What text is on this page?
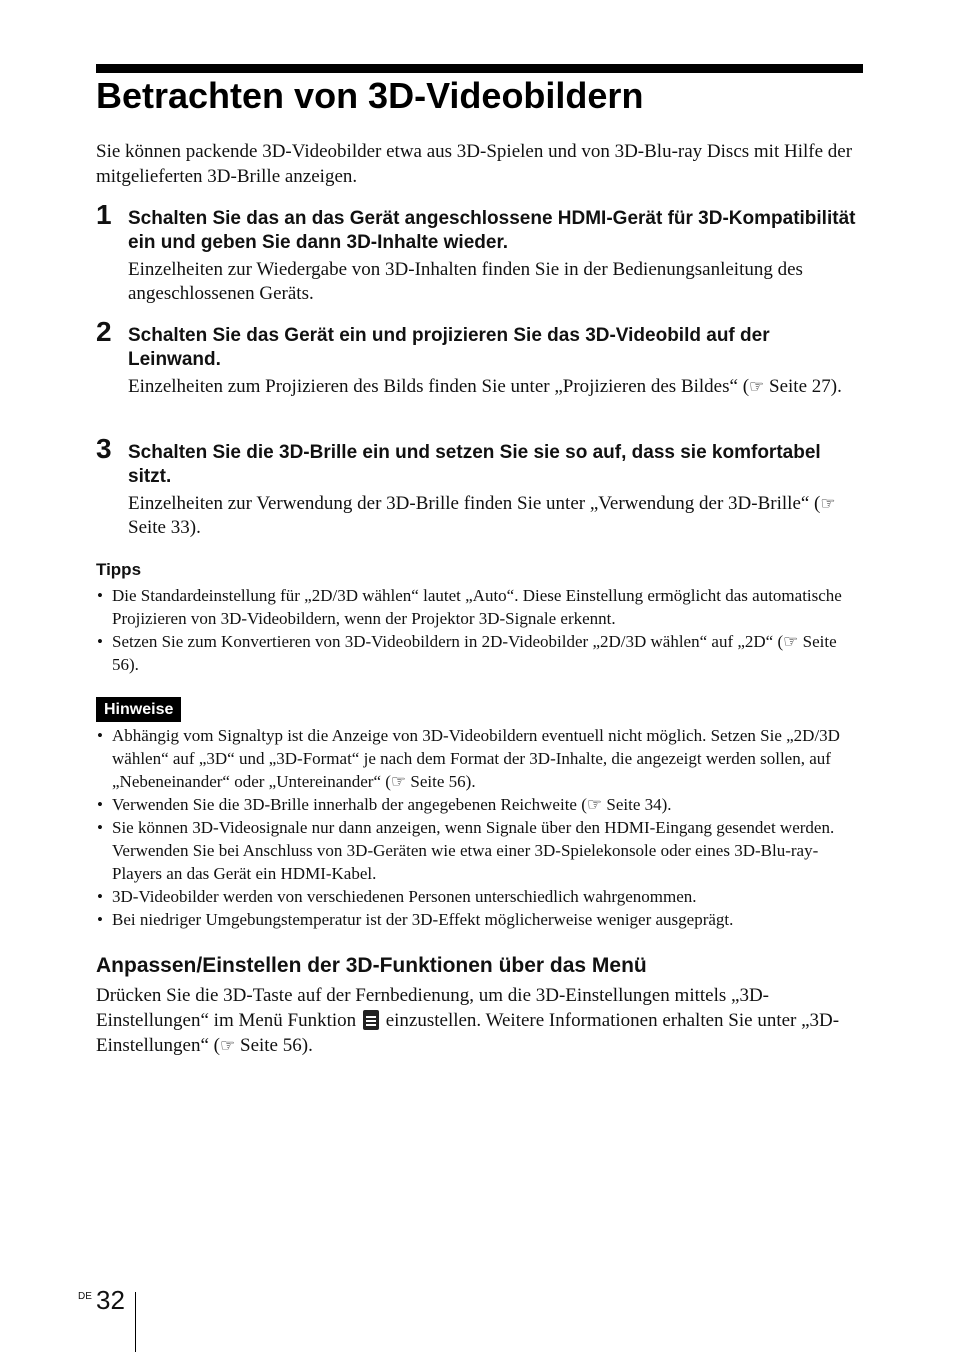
Betrachten von 3D-Videobildern

Sie können packende 3D-Videobilder etwa aus 3D-Spielen und von 3D-Blu-ray Discs mit Hilfe der mitgelieferten 3D-Brille anzeigen.

1 Schalten Sie das an das Gerät angeschlossene HDMI-Gerät für 3D-Kompatibilität ein und geben Sie dann 3D-Inhalte wieder.

Einzelheiten zur Wiedergabe von 3D-Inhalten finden Sie in der Bedienungsanleitung des angeschlossenen Geräts.

2 Schalten Sie das Gerät ein und projizieren Sie das 3D-Videobild auf der Leinwand.

Einzelheiten zum Projizieren des Bilds finden Sie unter „Projizieren des Bildes“ (☞ Seite 27).

3 Schalten Sie die 3D-Brille ein und setzen Sie sie so auf, dass sie komfortabel sitzt.

Einzelheiten zur Verwendung der 3D-Brille finden Sie unter „Verwendung der 3D-Brille“ (☞ Seite 33).

Tipps
• Die Standardeinstellung für „2D/3D wählen“ lautet „Auto“. Diese Einstellung ermöglicht das automatische Projizieren von 3D-Videobildern, wenn der Projektor 3D-Signale erkennt.
• Setzen Sie zum Konvertieren von 3D-Videobildern in 2D-Videobilder „2D/3D wählen“ auf „2D“ (☞ Seite 56).
Hinweise
• Abhängig vom Signaltyp ist die Anzeige von 3D-Videobildern eventuell nicht möglich. Setzen Sie „2D/3D wählen“ auf „3D“ und „3D-Format“ je nach dem Format der 3D-Inhalte, die angezeigt werden sollen, auf „Nebeneinander“ oder „Untereinander“ (☞ Seite 56).
• Verwenden Sie die 3D-Brille innerhalb der angegebenen Reichweite (☞ Seite 34).
• Sie können 3D-Videosignale nur dann anzeigen, wenn Signale über den HDMI-Eingang gesendet werden. Verwenden Sie bei Anschluss von 3D-Geräten wie etwa einer 3D-Spielekonsole oder eines 3D-Blu-ray-Players an das Gerät ein HDMI-Kabel.
• 3D-Videobilder werden von verschiedenen Personen unterschiedlich wahrgenommen.
• Bei niedriger Umgebungstemperatur ist der 3D-Effekt möglicherweise weniger ausgeprägt.
Anpassen/Einstellen der 3D-Funktionen über das Menü

Drücken Sie die 3D-Taste auf der Fernbedienung, um die 3D-Einstellungen mittels „3D-Einstellungen“ im Menü Funktion  einzustellen. Weitere Informationen erhalten Sie unter „3D-Einstellungen“ (☞ Seite 56).

DE 32
